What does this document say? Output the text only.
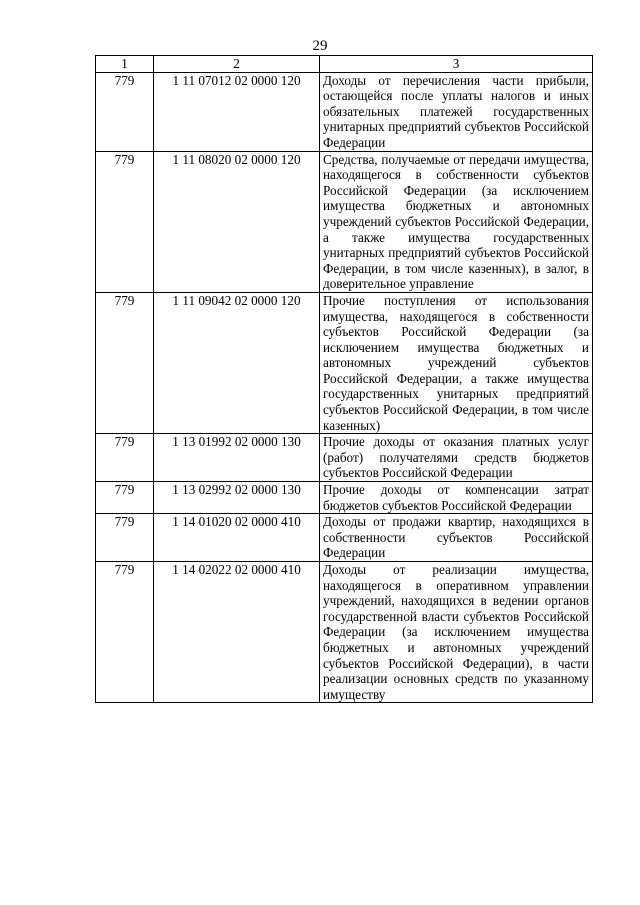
29
1	2	3
779	1 11 07012 02 0000 120	Доходы от перечисления части прибыли, остающейся после уплаты налогов и иных обязательных платежей государственных унитарных предприятий субъектов Российской Федерации
779	1 11 08020 02 0000 120	Средства, получаемые от передачи имущества, находящегося в собственности субъектов Российской Федерации (за исключением имущества бюджетных и автономных учреждений субъектов Российской Федерации, а также имущества государственных унитарных предприятий субъектов Российской Федерации, в том числе казенных), в залог, в доверительное управление
779	1 11 09042 02 0000 120	Прочие поступления от использования имущества, находящегося в собственности субъектов Российской Федерации (за исключением имущества бюджетных и автономных учреждений субъектов Российской Федерации, а также имущества государственных унитарных предприятий субъектов Российской Федерации, в том числе казенных)
779	1 13 01992 02 0000 130	Прочие доходы от оказания платных услуг (работ) получателями средств бюджетов субъектов Российской Федерации
779	1 13 02992 02 0000 130	Прочие доходы от компенсации затрат бюджетов субъектов Российской Федерации
779	1 14 01020 02 0000 410	Доходы от продажи квартир, находящихся в собственности субъектов Российской Федерации
779	1 14 02022 02 0000 410	Доходы от реализации имущества, находящегося в оперативном управлении учреждений, находящихся в ведении органов государственной власти субъектов Российской Федерации (за исключением имущества бюджетных и автономных учреждений субъектов Российской Федерации), в части реализации основных средств по указанному имуществу
